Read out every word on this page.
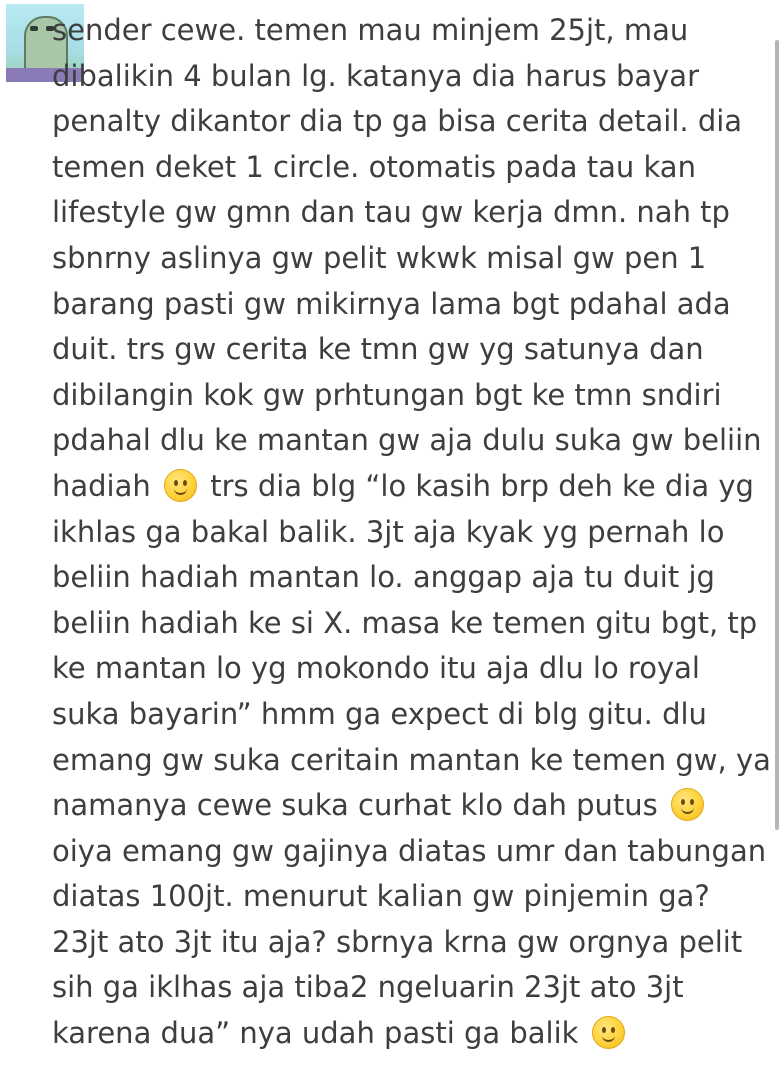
sender cewe. temen mau minjem 25jt, mau
dibalikin 4 bulan lg. katanya dia harus bayar
penalty dikantor dia tp ga bisa cerita detail. dia
temen deket 1 circle. otomatis pada tau kan
lifestyle gw gmn dan tau gw kerja dmn. nah tp
sbnrny aslinya gw pelit wkwk misal gw pen 1
barang pasti gw mikirnya lama bgt pdahal ada
duit. trs gw cerita ke tmn gw yg satunya dan
dibilangin kok gw prhtungan bgt ke tmn sndiri
pdahal dlu ke mantan gw aja dulu suka gw beliin
hadiah trs dia blg “lo kasih brp deh ke dia yg
ikhlas ga bakal balik. 3jt aja kyak yg pernah lo
beliin hadiah mantan lo. anggap aja tu duit jg
beliin hadiah ke si X. masa ke temen gitu bgt, tp
ke mantan lo yg mokondo itu aja dlu lo royal
suka bayarin” hmm ga expect di blg gitu. dlu
emang gw suka ceritain mantan ke temen gw, ya
namanya cewe suka curhat klo dah putus
oiya emang gw gajinya diatas umr dan tabungan
diatas 100jt. menurut kalian gw pinjemin ga?
23jt ato 3jt itu aja? sbrnya krna gw orgnya pelit
sih ga iklhas aja tiba2 ngeluarin 23jt ato 3jt
karena dua” nya udah pasti ga balik
